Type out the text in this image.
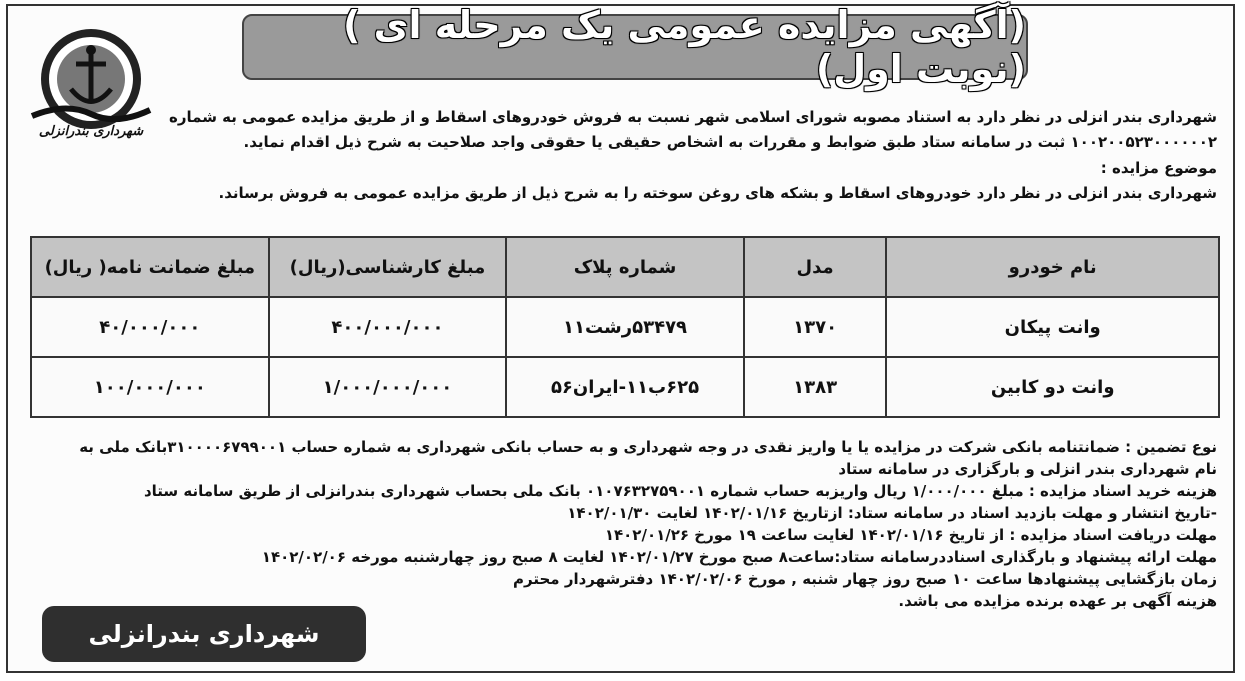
(آگهی مزایده عمومی یک مرحله ای ) (نوبت اول)
شهرداری بندرانزلی
شهرداری بندر انزلی در نظر دارد به استناد مصوبه شورای اسلامی شهر نسبت به فروش خودروهای اسقاط و از طریق مزایده عمومی به شماره
۱۰۰۲۰۰۵۲۳۰۰۰۰۰۰۲ ثبت در سامانه ستاد طبق ضوابط و مقررات به اشخاص حقیقی یا حقوقی واجد صلاحیت به شرح ذیل اقدام نماید.
موضوع مزایده :
شهرداری بندر انزلی در نظر دارد خودروهای اسقاط و بشکه های روغن سوخته را به شرح ذیل از طریق مزایده عمومی به فروش برساند.
نام خودرو	مدل	شماره پلاک	مبلغ کارشناسی(ریال)	مبلغ ضمانت نامه( ریال)
وانت پیکان	۱۳۷۰	۵۳۴۷۹رشت۱۱	۴۰۰/۰۰۰/۰۰۰	۴۰/۰۰۰/۰۰۰
وانت دو کابین	۱۳۸۳	۶۲۵ب۱۱-ایران۵۶	۱/۰۰۰/۰۰۰/۰۰۰	۱۰۰/۰۰۰/۰۰۰

نوع تضمین : ضمانتنامه بانکی شرکت در مزایده یا یا واریز نقدی در وجه شهرداری و به حساب بانکی شهرداری به شماره حساب ۳۱۰۰۰۰۶۷۹۹۰۰۱بانک ملی به

نام شهرداری بندر انزلی و بارگزاری در سامانه ستاد

هزینه خرید اسناد مزایده : مبلغ ۱/۰۰۰/۰۰۰ ریال واریزبه حساب شماره ۰۱۰۷۶۳۲۷۵۹۰۰۱ بانک ملی بحساب شهرداری بندرانزلی از طریق سامانه ستاد

-تاریخ انتشار و مهلت بازدید اسناد در سامانه ستاد: ازتاریخ ۱۴۰۲/۰۱/۱۶ لغایت ۱۴۰۲/۰۱/۳۰

مهلت دریافت اسناد مزایده : از تاریخ ۱۴۰۲/۰۱/۱۶ لغایت ساعت ۱۹ مورخ ۱۴۰۲/۰۱/۲۶

مهلت ارائه پیشنهاد و بارگذاری اسناددرسامانه ستاد:ساعت۸ صبح مورخ ۱۴۰۲/۰۱/۲۷ لغایت ۸ صبح روز چهارشنبه مورخه ۱۴۰۲/۰۲/۰۶

زمان بازگشایی پیشنهادها ساعت ۱۰ صبح روز چهار شنبه , مورخ ۱۴۰۲/۰۲/۰۶ دفترشهردار محترم

هزینه آگهی بر عهده برنده مزایده می باشد.

شهرداری بندرانزلی
